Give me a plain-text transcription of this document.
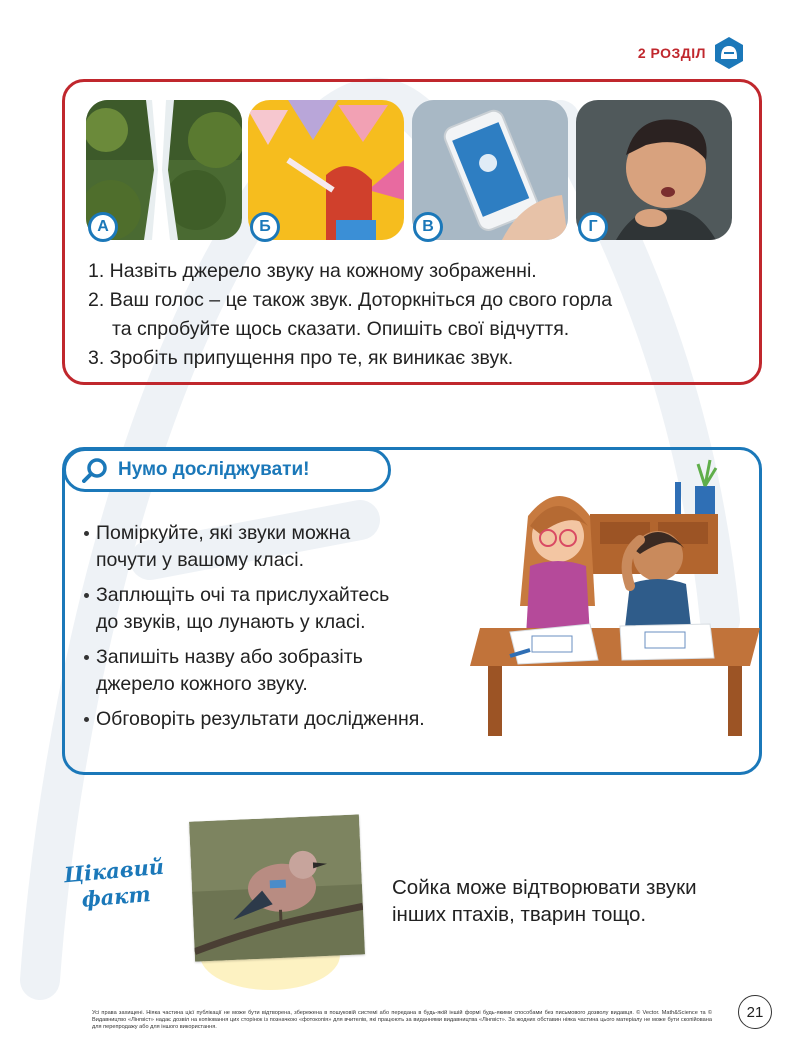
2 РОЗДІЛ
А	Б	В	Г
1. Назвіть джерело звуку на кожному зображенні.
2. Ваш голос – це також звук. Доторкніться до свого горла
та спробуйте щось сказати. Опишіть свої відчуття.
3. Зробіть припущення про те, як виникає звук.
Нумо досліджувати!
Поміркуйте, які звуки можна
почути у вашому класі.
Заплющіть очі та прислухайтесь
до звуків, що лунають у класі.
Запишіть назву або зобразіть
джерело кожного звуку.
Обговоріть результати дослідження.
Цікавий
факт	Сойка може відтворювати звуки
інших птахів, тварин тощо.
Усі права захищені. Ніяка частина цієї публікації не може бути відтворена, збережена в пошуковій системі або передана в будь-якій іншій формі будь-якими способами без письмового дозволу видавця. © Vector. Math&Science та © Видавництво «Лінгвіст» надає дозвіл на копіювання цих сторінок із позначкою «фотокопія» для вчителів, які працюють за виданнями видавництва «Лінгвіст». За жодних обставин ніяка частина цього матеріалу не може бути скопійована для перепродажу або для іншого використання.
21
